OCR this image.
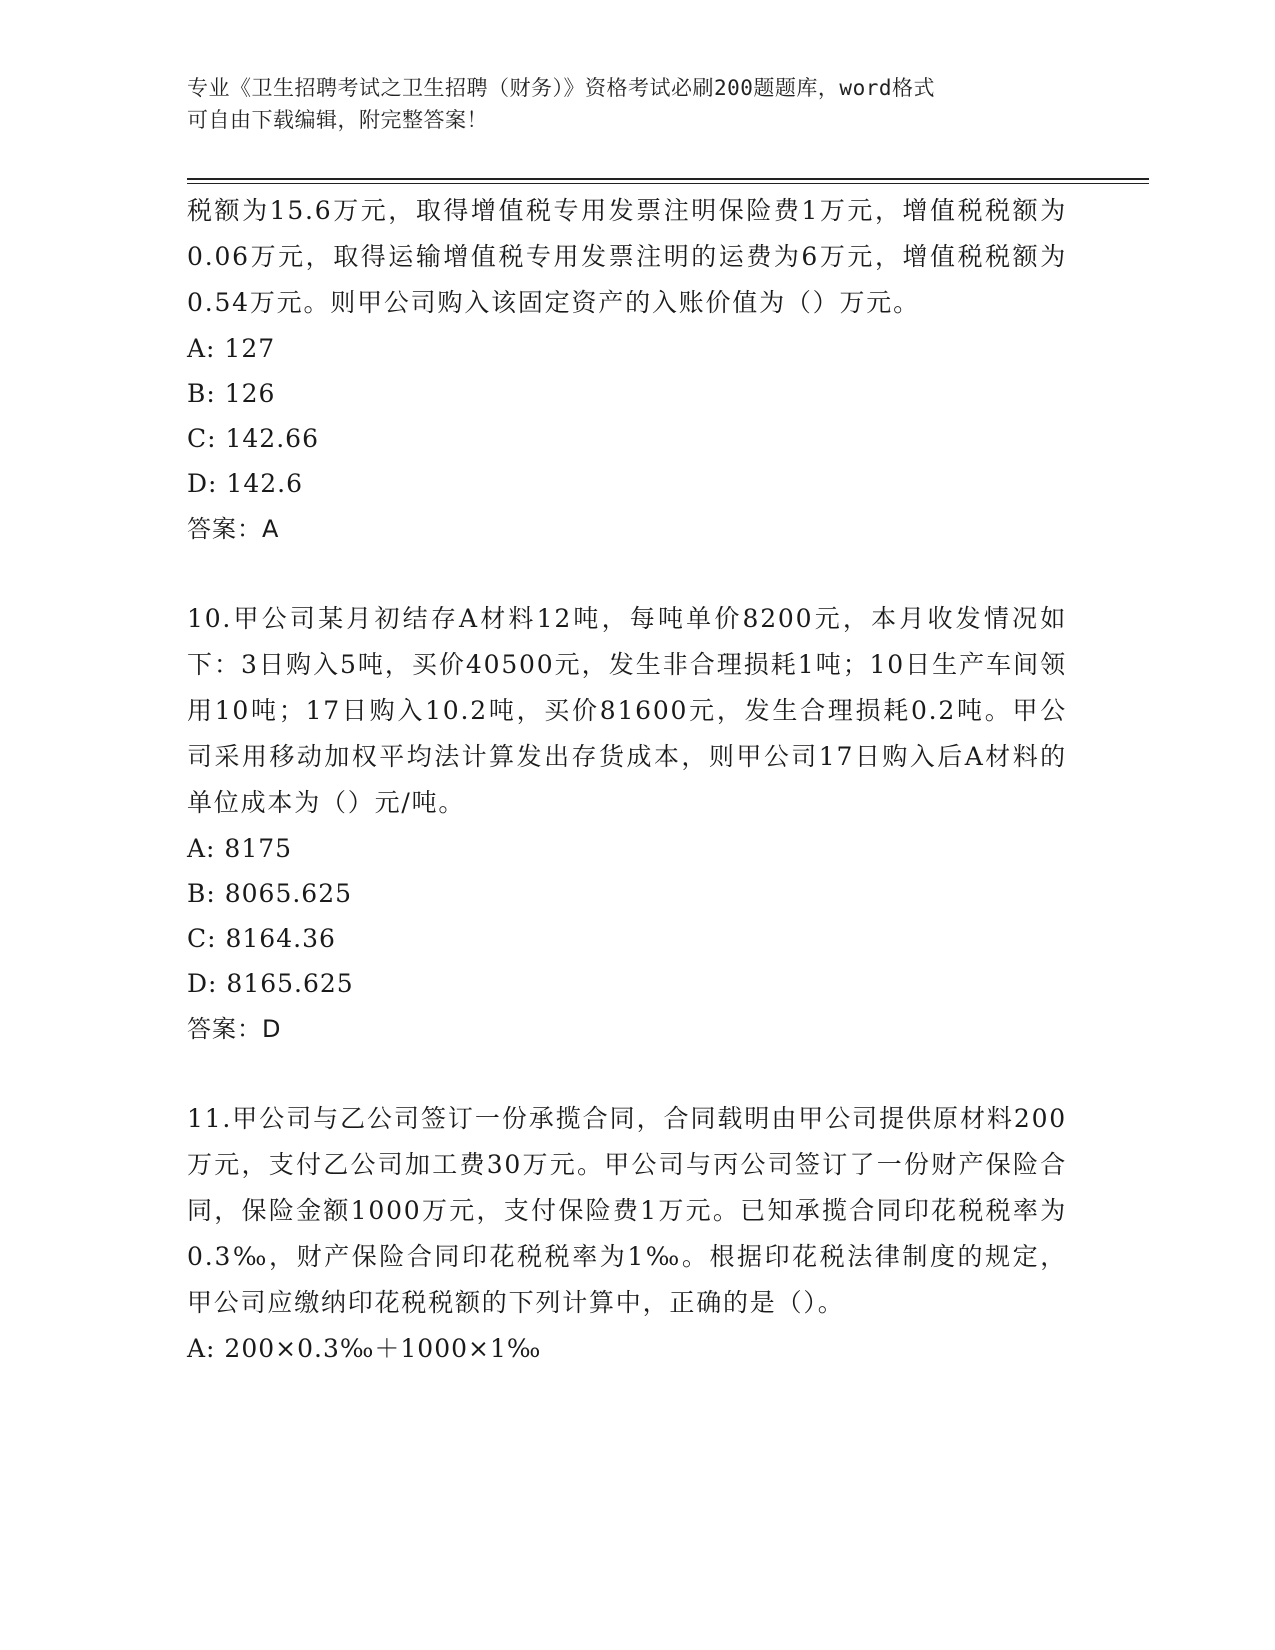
专业《卫生招聘考试之卫生招聘（财务）》资格考试必刷200题题库，word格式

可自由下载编辑，附完整答案！

税额为15.6万元，取得增值税专用发票注明保险费1万元，增值税税额为0.06万元，取得运输增值税专用发票注明的运费为6万元，增值税税额为0.54万元。则甲公司购入该固定资产的入账价值为（）万元。

A: 127

B: 126

C: 142.66

D: 142.6

答案：A

10.甲公司某月初结存A材料12吨，每吨单价8200元，本月收发情况如下：3日购入5吨，买价40500元，发生非合理损耗1吨；10日生产车间领用10吨；17日购入10.2吨，买价81600元，发生合理损耗0.2吨。甲公司采用移动加权平均法计算发出存货成本，则甲公司17日购入后A材料的单位成本为（）元/吨。

A: 8175

B: 8065.625

C: 8164.36

D: 8165.625

答案：D

11.甲公司与乙公司签订一份承揽合同，合同载明由甲公司提供原材料200万元，支付乙公司加工费30万元。甲公司与丙公司签订了一份财产保险合同，保险金额1000万元，支付保险费1万元。已知承揽合同印花税税率为0.3‰，财产保险合同印花税税率为1‰。根据印花税法律制度的规定，甲公司应缴纳印花税税额的下列计算中，正确的是（）。

A: 200×0.3‰＋1000×1‰
